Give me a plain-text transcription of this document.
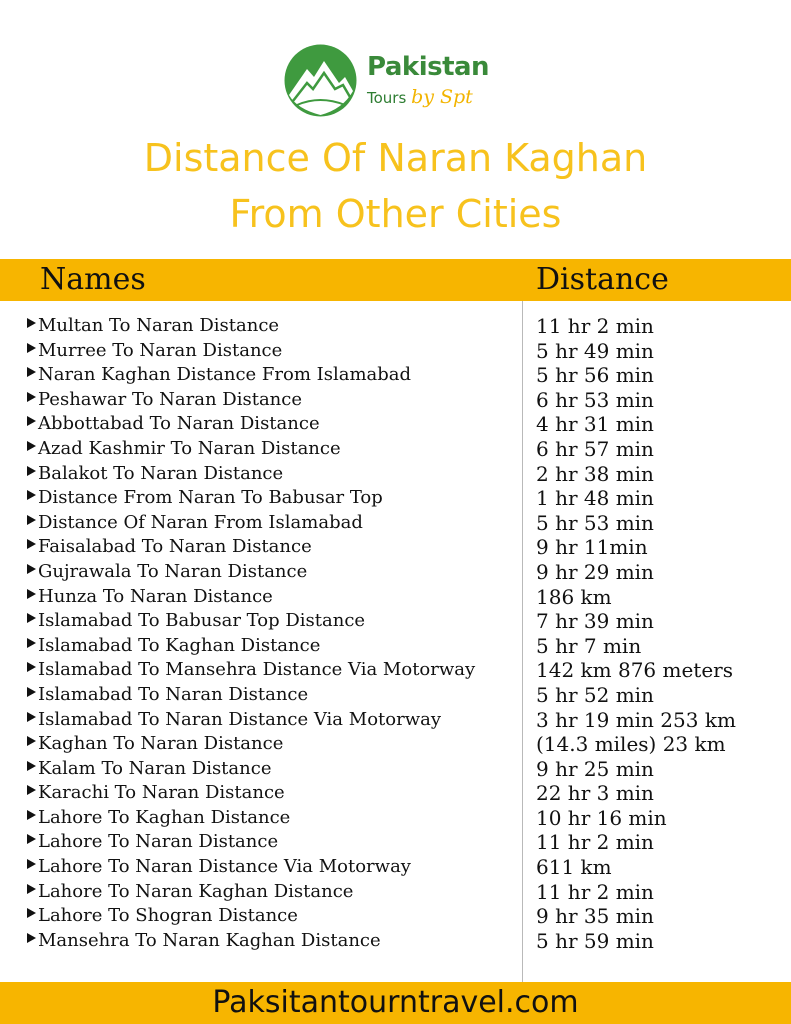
Pakistan
Tours by Spt
Distance Of Naran Kaghan
From Other Cities
Names	Distance
Multan To Naran Distance	11 hr 2 min
Murree To Naran Distance	5 hr 49 min
Naran Kaghan Distance From Islamabad	5 hr 56 min
Peshawar To Naran Distance	6 hr 53 min
Abbottabad To Naran Distance	4 hr 31 min
Azad Kashmir To Naran Distance	6 hr 57 min
Balakot To Naran Distance	2 hr 38 min
Distance From Naran To Babusar Top	1 hr 48 min
Distance Of Naran From Islamabad	5 hr 53 min
Faisalabad To Naran Distance	9 hr 11min
Gujrawala To Naran Distance	9 hr 29 min
Hunza To Naran Distance	186 km
Islamabad To Babusar Top Distance	7 hr 39 min
Islamabad To Kaghan Distance	5 hr 7 min
Islamabad To Mansehra Distance Via Motorway	142 km 876 meters
Islamabad To Naran Distance	5 hr 52 min
Islamabad To Naran Distance Via Motorway	3 hr 19 min 253 km
Kaghan To Naran Distance	(14.3 miles) 23 km
Kalam To Naran Distance	9 hr 25 min
Karachi To Naran Distance	22 hr 3 min
Lahore To Kaghan Distance	10 hr 16 min
Lahore To Naran Distance	11 hr 2 min
Lahore To Naran Distance Via Motorway	611 km
Lahore To Naran Kaghan Distance	11 hr 2 min
Lahore To Shogran Distance	9 hr 35 min
Mansehra To Naran Kaghan Distance	5 hr 59 min
Paksitantourntravel.com
